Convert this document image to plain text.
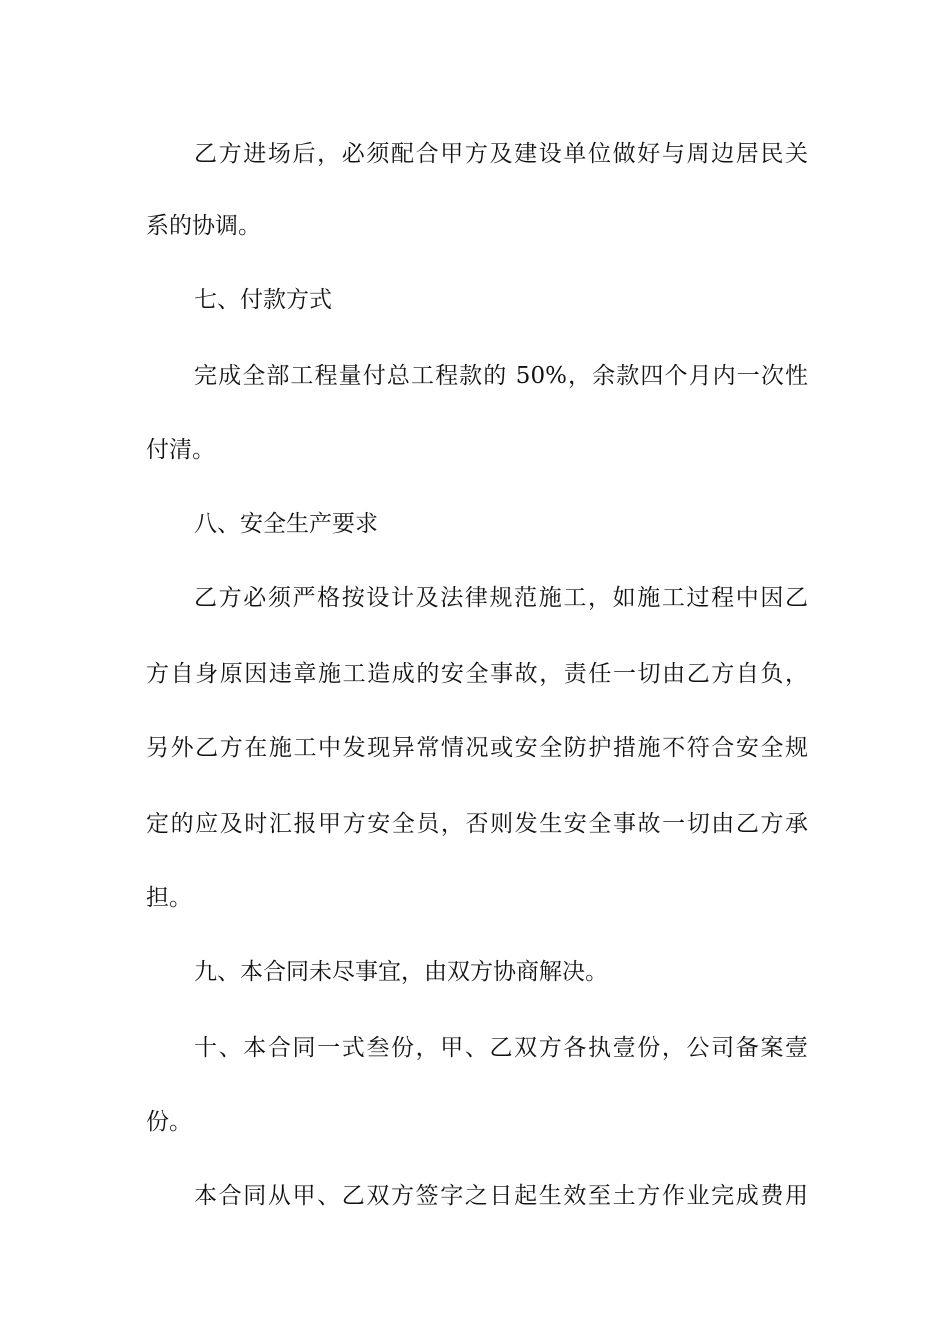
乙方进场后，必须配合甲方及建设单位做好与周边居民关
系的协调。
七、付款方式
完成全部工程量付总工程款的 50%，余款四个月内一次性
付清。
八、安全生产要求
乙方必须严格按设计及法律规范施工，如施工过程中因乙
方自身原因违章施工造成的安全事故，责任一切由乙方自负，
另外乙方在施工中发现异常情况或安全防护措施不符合安全规
定的应及时汇报甲方安全员，否则发生安全事故一切由乙方承
担。
九、本合同未尽事宜，由双方协商解决。
十、本合同一式叁份，甲、乙双方各执壹份，公司备案壹
份。
本合同从甲、乙双方签字之日起生效至土方作业完成费用
